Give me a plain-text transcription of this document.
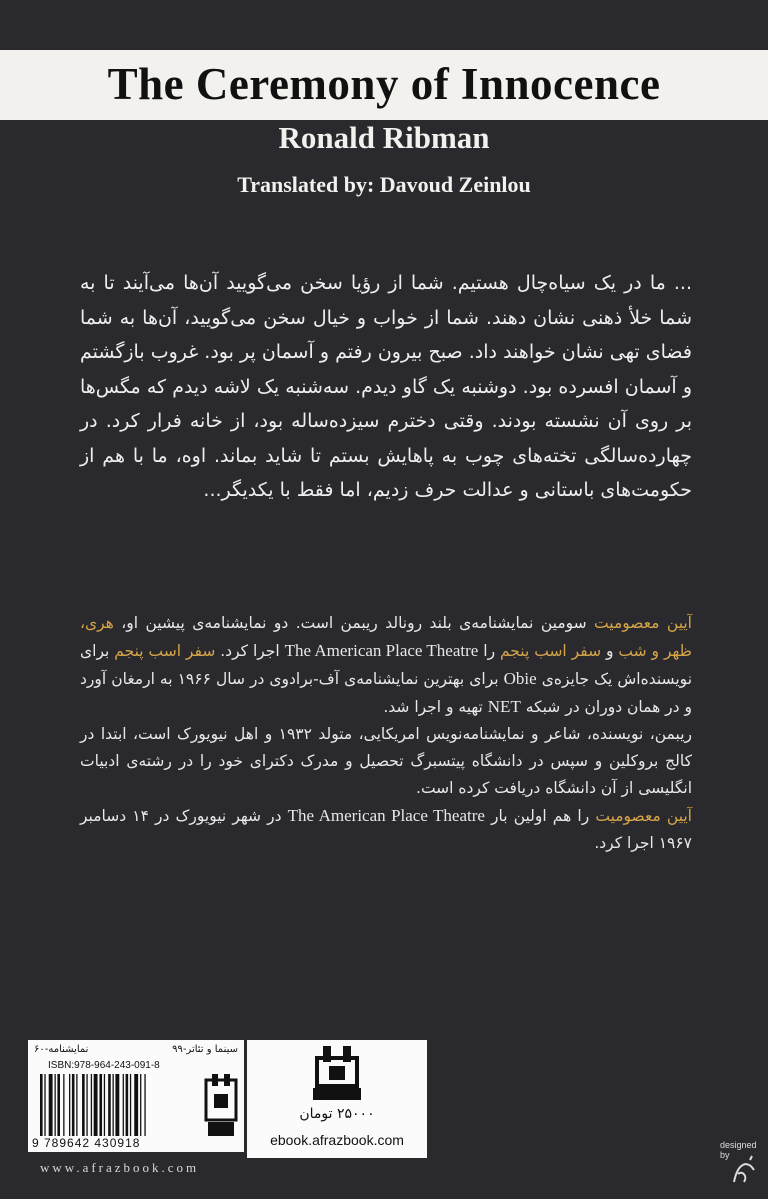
The Ceremony of Innocence
Ronald Ribman
Translated by: Davoud Zeinlou

... ما در یک سیاه‌چال هستیم. شما از رؤیا سخن می‌گویید آن‌ها می‌آیند تا به شما خلأ ذهنی نشان دهند. شما از خواب و خیال سخن می‌گویید، آن‌ها به شما فضای تهی نشان خواهند داد. صبح بیرون رفتم و آسمان پر بود. غروب بازگشتم و آسمان افسرده بود. دوشنبه یک گاو دیدم. سه‌شنبه یک لاشه دیدم که مگس‌ها بر روی آن نشسته بودند. وقتی دخترم سیزده‌ساله بود، از خانه فرار کرد. در چهارده‌سالگی تخته‌های چوب به پاهایش بستم تا شاید بماند. اوه، ما با هم از حکومت‌های باستانی و عدالت حرف زدیم، اما فقط با یکدیگر...

آیین معصومیت سومین نمایشنامه‌ی بلند رونالد ریبمن است. دو نمایشنامه‌ی پیشین او، هری، ظهر و شب و سفر اسب پنجم را The American Place Theatre اجرا کرد. سفر اسب پنجم برای نویسنده‌اش یک جایزه‌ی Obie برای بهترین نمایشنامه‌ی آف-برادوی در سال ۱۹۶۶ به ارمغان آورد و در همان دوران در شبکه NET تهیه و اجرا شد.

ریبمن، نویسنده، شاعر و نمایشنامه‌نویس امریکایی، متولد ۱۹۳۲ و اهل نیویورک است، ابتدا در کالج بروکلین و سپس در دانشگاه پیتسبرگ تحصیل و مدرک دکترای خود را در رشته‌ی ادبیات انگلیسی از آن دانشگاه دریافت کرده است.

آیین معصومیت را هم اولین بار The American Place Theatre در شهر نیویورک در ۱۴ دسامبر ۱۹۶۷ اجرا کرد.

سینما و تئاتر-۹۹
نمایشنامه-۶۰
ISBN:978-964-243-091-8
9 789642 430918
۲۵۰۰۰ تومان
ebook.afrazbook.com
www.afrazbook.com
designed by
